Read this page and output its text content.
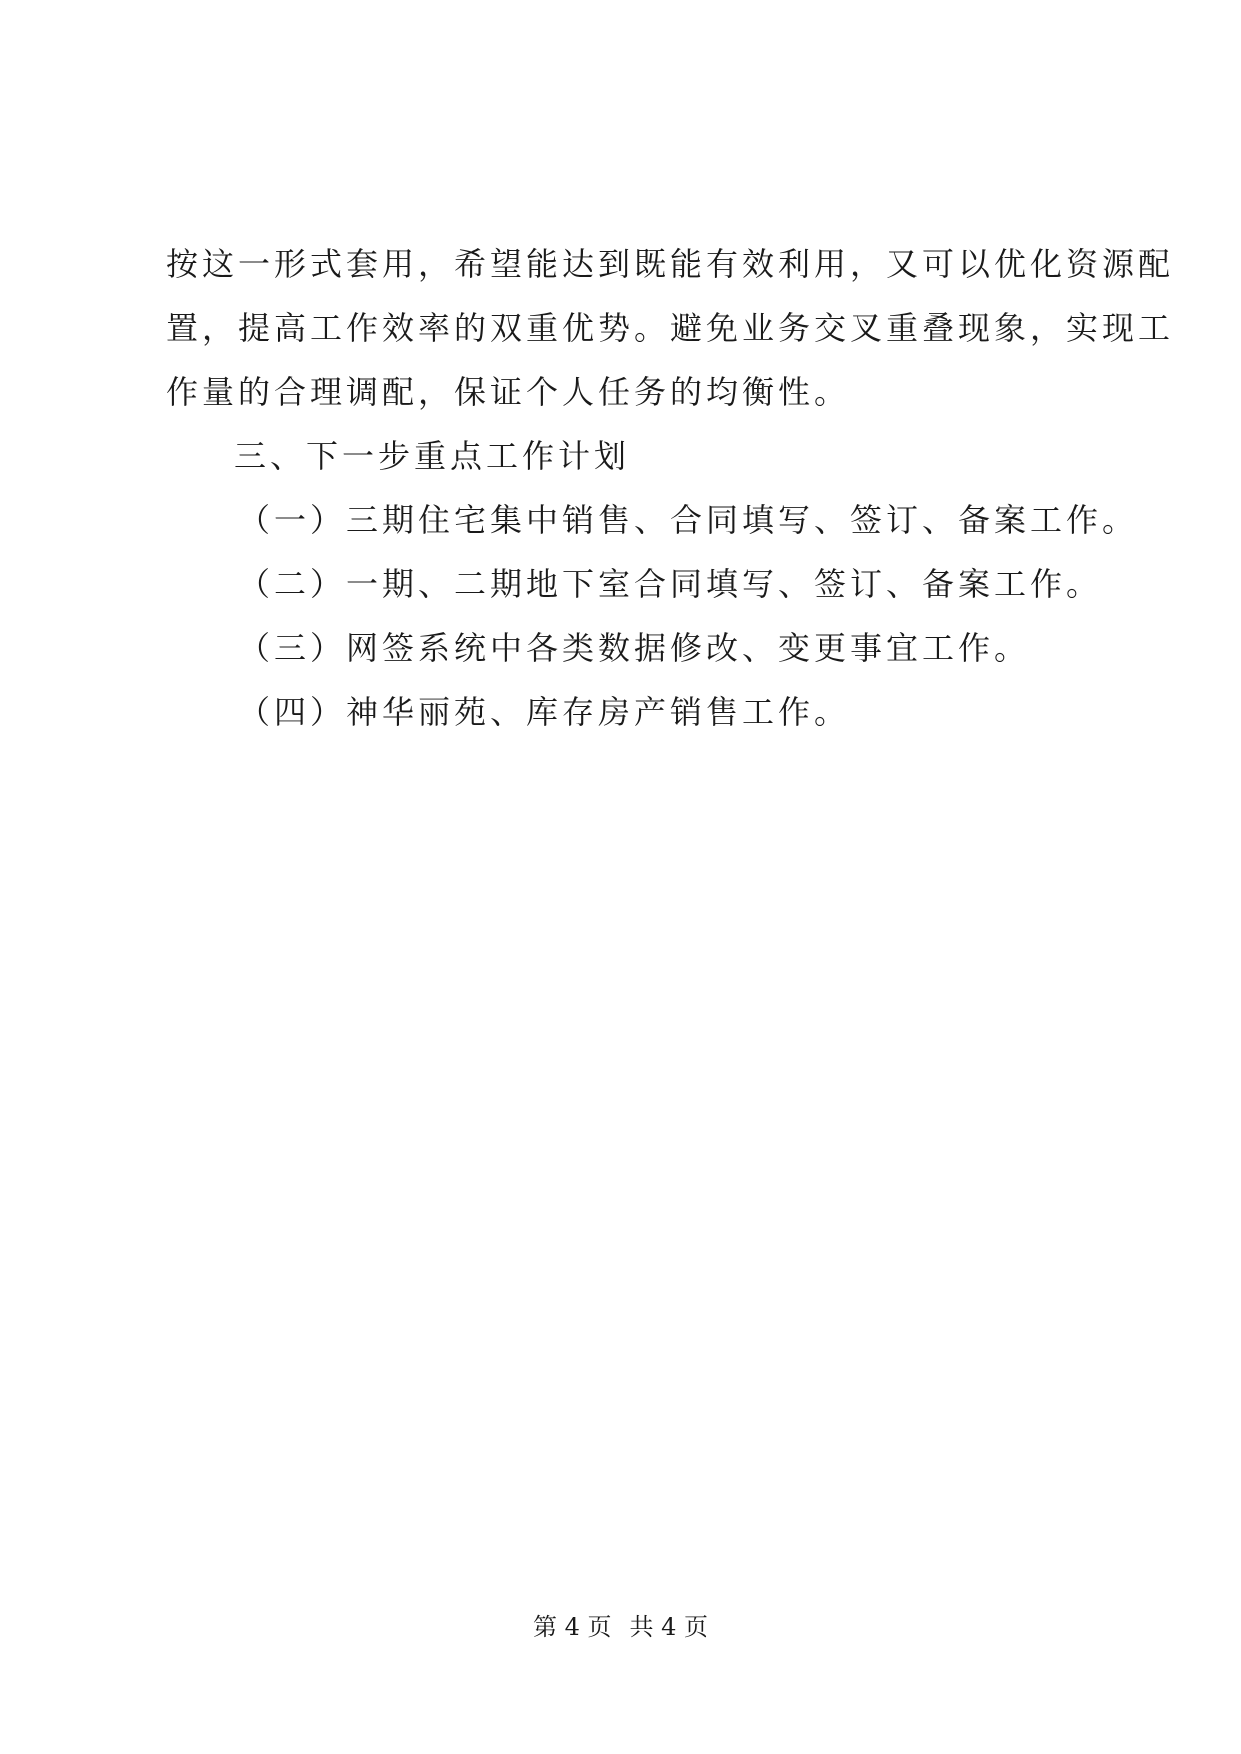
按这一形式套用，希望能达到既能有效利用，又可以优化资源配
置，提高工作效率的双重优势。避免业务交叉重叠现象，实现工
作量的合理调配，保证个人任务的均衡性。
三、下一步重点工作计划
（一）三期住宅集中销售、合同填写、签订、备案工作。
（二）一期、二期地下室合同填写、签订、备案工作。
（三）网签系统中各类数据修改、变更事宜工作。
（四）神华丽苑、库存房产销售工作。
第 4 页 共 4 页
